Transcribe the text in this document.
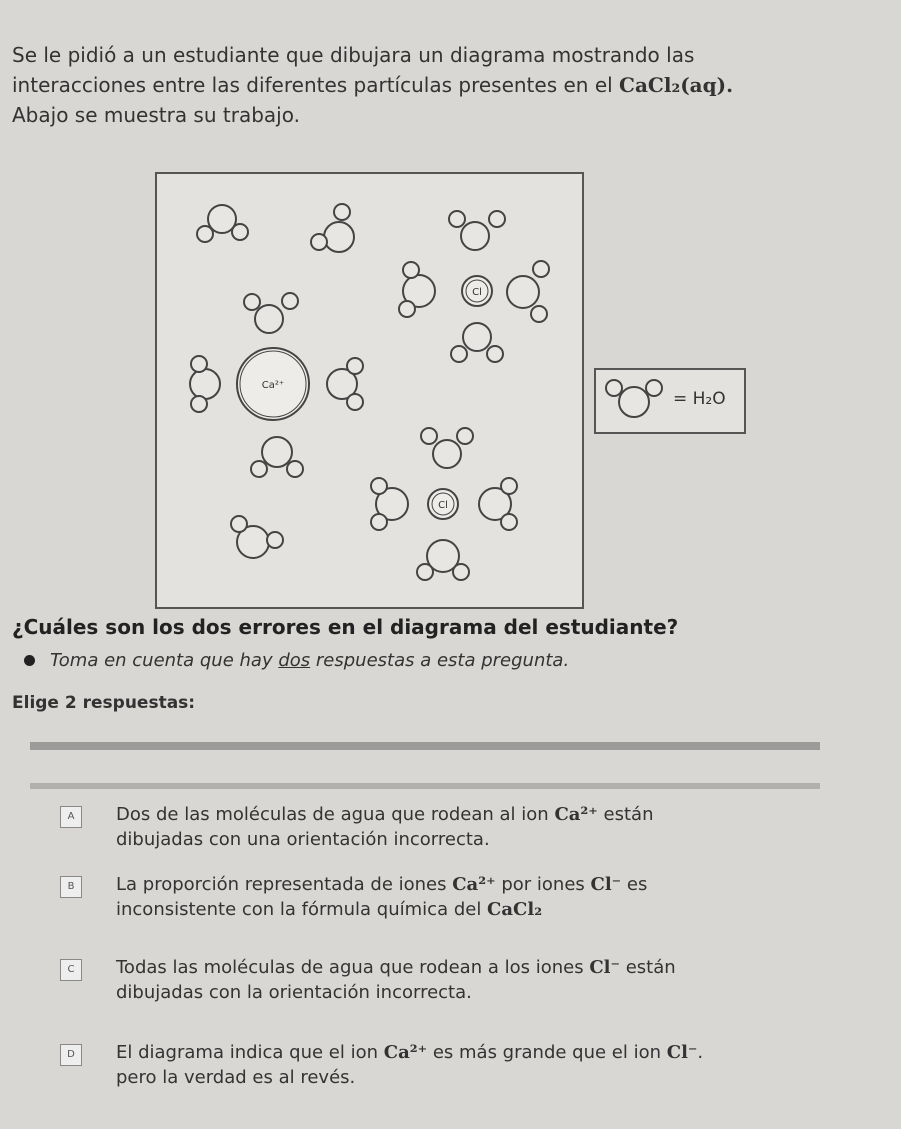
Se le pidió a un estudiante que dibujara un diagrama mostrando las
interacciones entre las diferentes partículas presentes en el CaCl₂(aq).
Abajo se muestra su trabajo.
Ca²⁺
Cl
Cl
= H₂O
¿Cuáles son los dos errores en el diagrama del estudiante?
Toma en cuenta que hay dos respuestas a esta pregunta.
Elige 2 respuestas:
A	Dos de las moléculas de agua que rodean al ion Ca²⁺ están
dibujadas con una orientación incorrecta.
B	La proporción representada de iones Ca²⁺ por iones Cl⁻ es
inconsistente con la fórmula química del CaCl₂
C	Todas las moléculas de agua que rodean a los iones Cl⁻ están
dibujadas con la orientación incorrecta.
D	El diagrama indica que el ion Ca²⁺ es más grande que el ion Cl⁻.
pero la verdad es al revés.
